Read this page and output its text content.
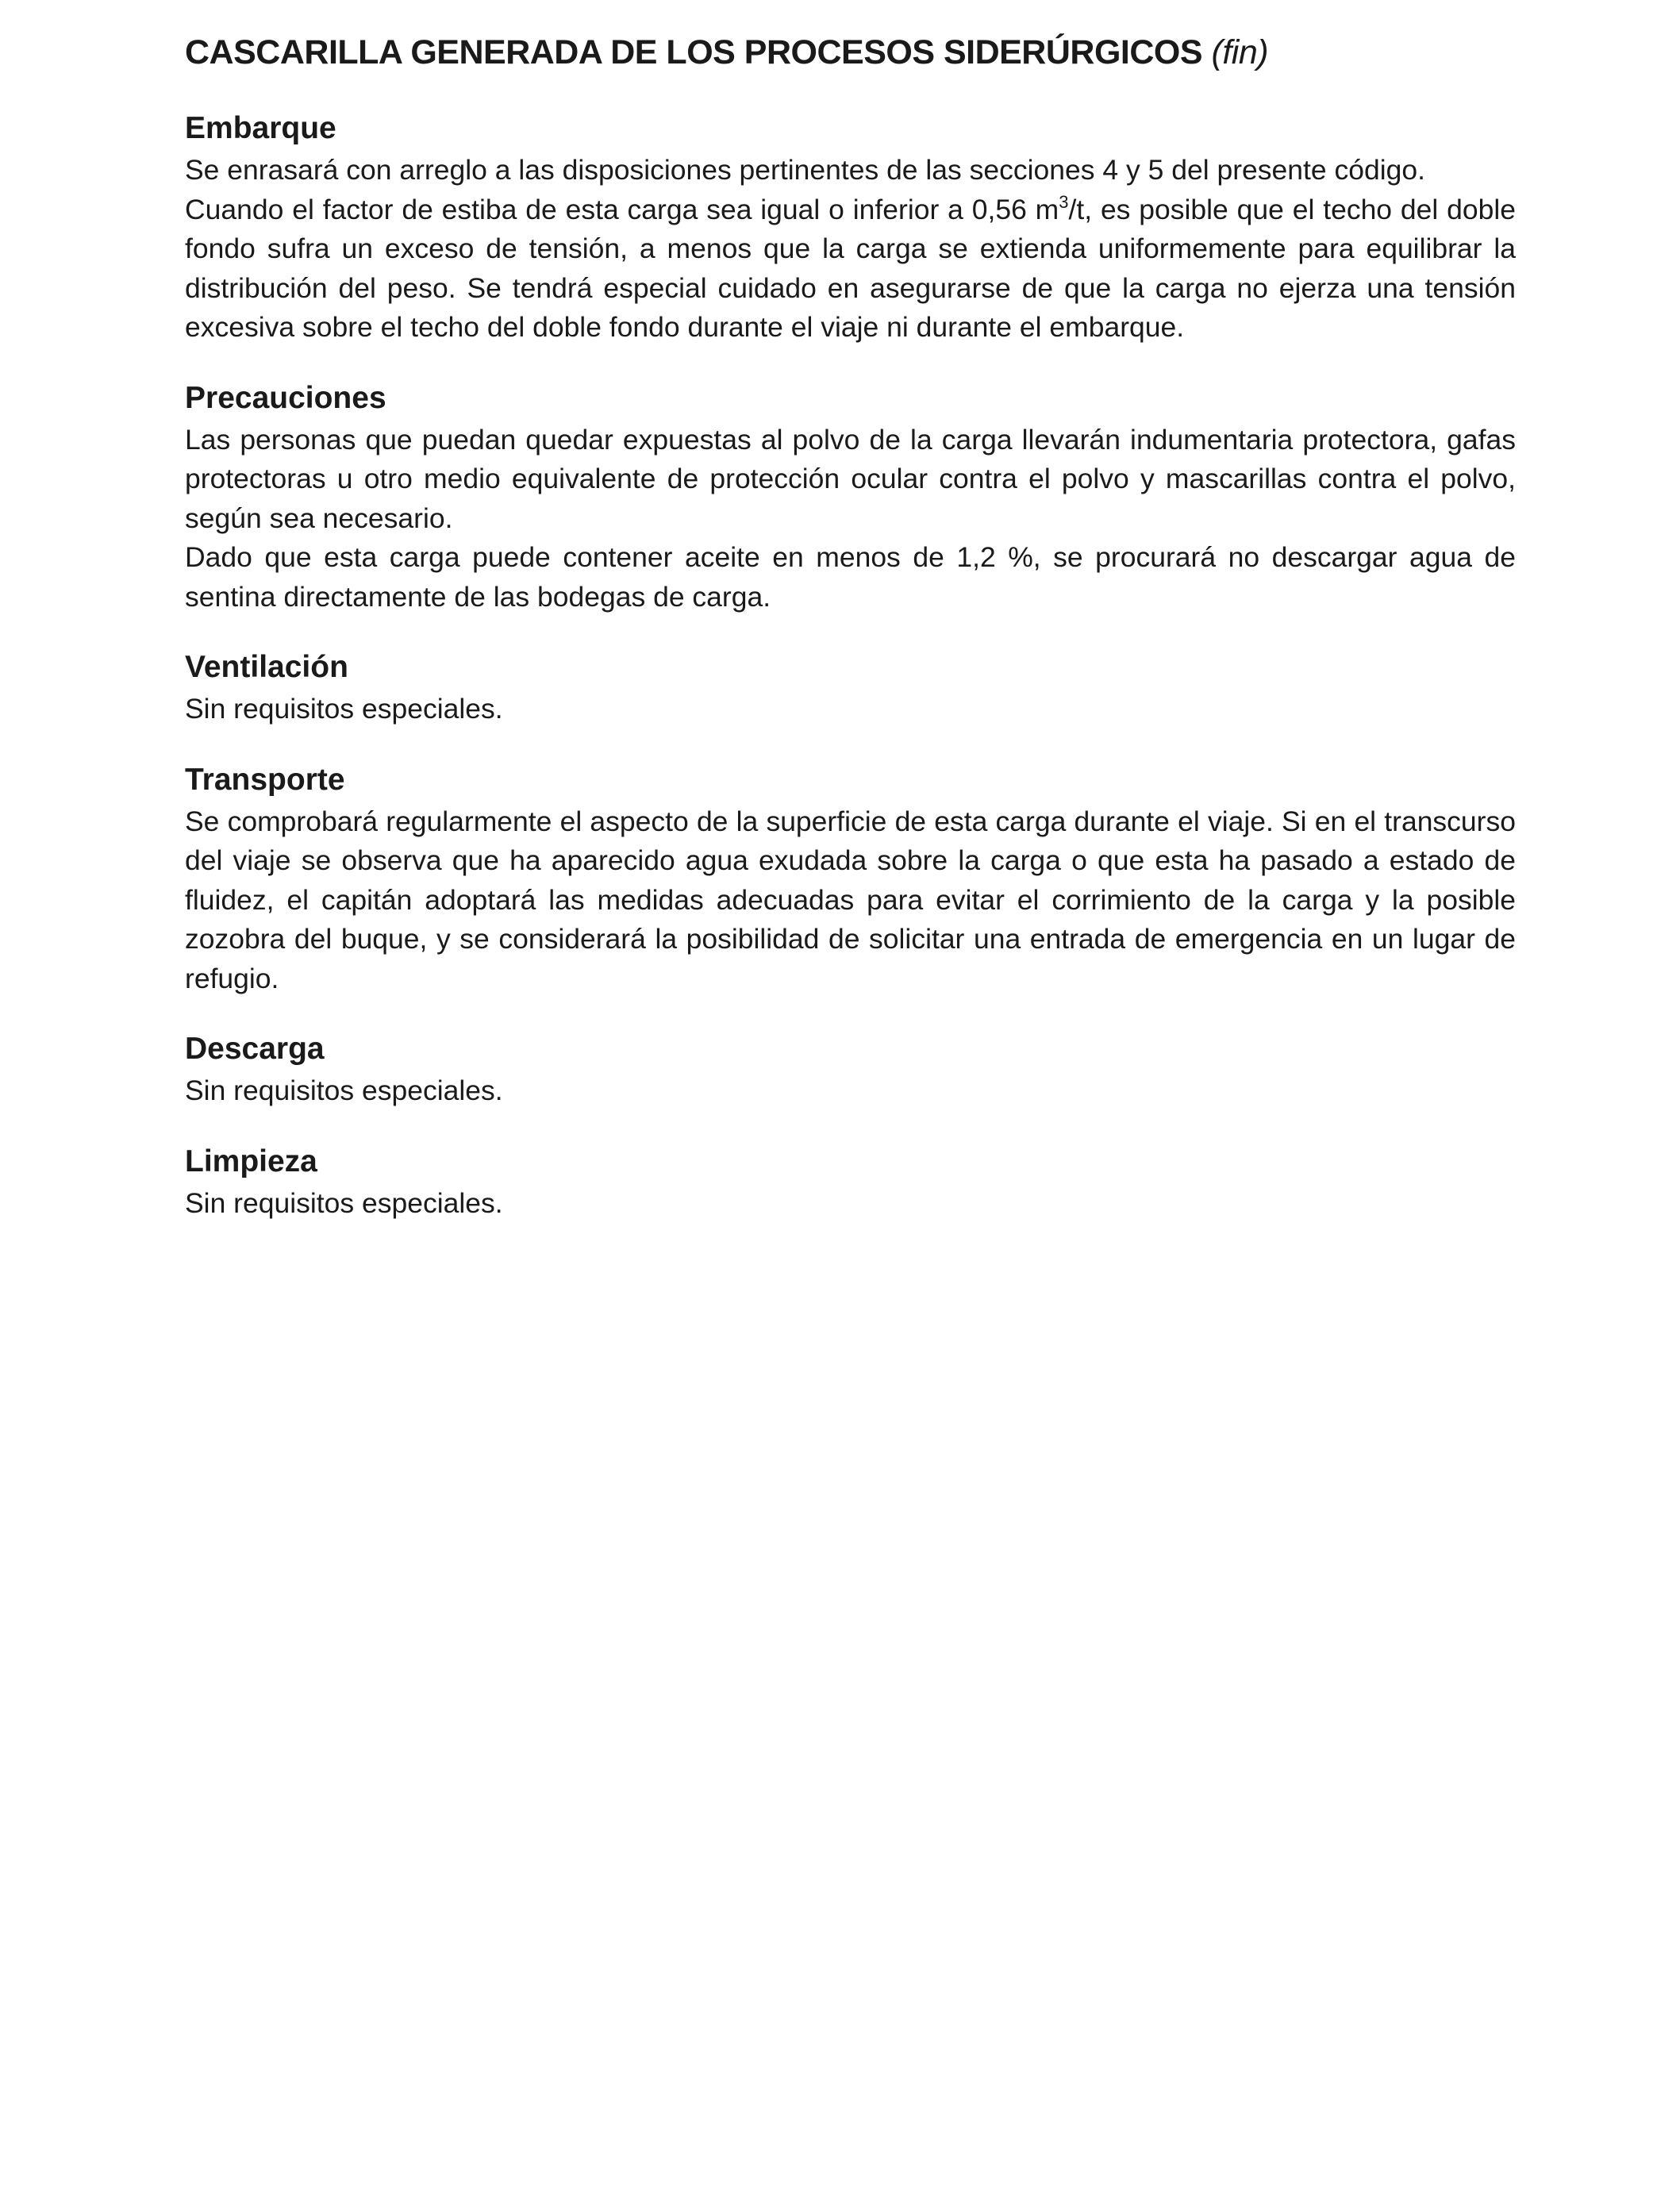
CASCARILLA GENERADA DE LOS PROCESOS SIDERÚRGICOS (fin)
Embarque

Se enrasará con arreglo a las disposiciones pertinentes de las secciones 4 y 5 del presente código.

Cuando el factor de estiba de esta carga sea igual o inferior a 0,56 $m^3/t$, es posible que el techo del doble fondo sufra un exceso de tensión, a menos que la carga se extienda uniformemente para equilibrar la distribución del peso. Se tendrá especial cuidado en asegurarse de que la carga no ejerza una tensión excesiva sobre el techo del doble fondo durante el viaje ni durante el embarque.

Precauciones

Las personas que puedan quedar expuestas al polvo de la carga llevarán indumentaria protectora, gafas protectoras u otro medio equivalente de protección ocular contra el polvo y mascarillas contra el polvo, según sea necesario.

Dado que esta carga puede contener aceite en menos de 1,2 %, se procurará no descargar agua de sentina directamente de las bodegas de carga.

Ventilación

Sin requisitos especiales.

Transporte

Se comprobará regularmente el aspecto de la superficie de esta carga durante el viaje. Si en el transcurso del viaje se observa que ha aparecido agua exudada sobre la carga o que esta ha pasado a estado de fluidez, el capitán adoptará las medidas adecuadas para evitar el corrimiento de la carga y la posible zozobra del buque, y se considerará la posibilidad de solicitar una entrada de emergencia en un lugar de refugio.

Descarga

Sin requisitos especiales.

Limpieza

Sin requisitos especiales.
